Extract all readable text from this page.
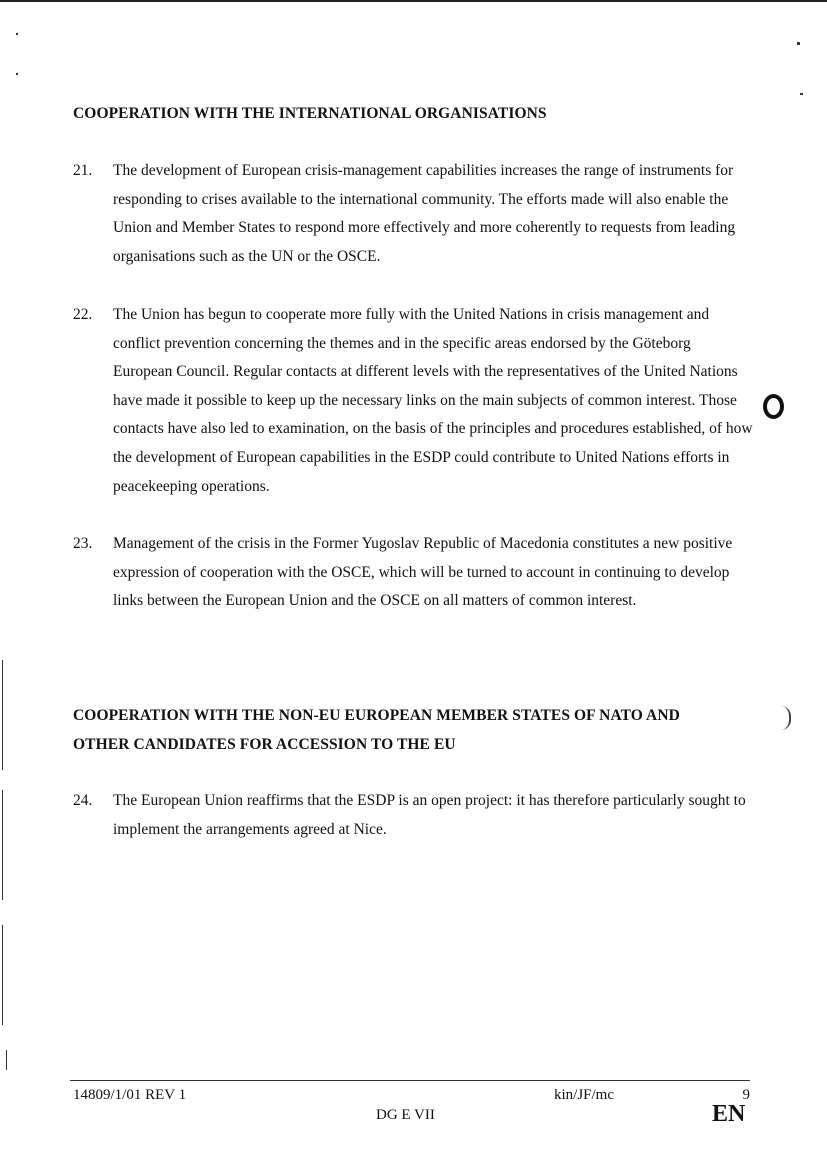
COOPERATION WITH THE INTERNATIONAL ORGANISATIONS
21.	The development of European crisis-management capabilities increases the range of instruments for responding to crises available to the international community. The efforts made will also enable the Union and Member States to respond more effectively and more coherently to requests from leading organisations such as the UN or the OSCE.
22.	The Union has begun to cooperate more fully with the United Nations in crisis management and conflict prevention concerning the themes and in the specific areas endorsed by the Göteborg European Council. Regular contacts at different levels with the representatives of the United Nations have made it possible to keep up the necessary links on the main subjects of common interest. Those contacts have also led to examination, on the basis of the principles and procedures established, of how the development of European capabilities in the ESDP could contribute to United Nations efforts in peacekeeping operations.
23.	Management of the crisis in the Former Yugoslav Republic of Macedonia constitutes a new positive expression of cooperation with the OSCE, which will be turned to account in continuing to develop links between the European Union and the OSCE on all matters of common interest.
COOPERATION WITH THE NON-EU EUROPEAN MEMBER STATES OF NATO AND
OTHER CANDIDATES FOR ACCESSION TO THE EU
24.	The European Union reaffirms that the ESDP is an open project: it has therefore particularly sought to implement the arrangements agreed at Nice.
14809/1/01 REV 1	kin/JF/mc	9
DG E VII	EN
